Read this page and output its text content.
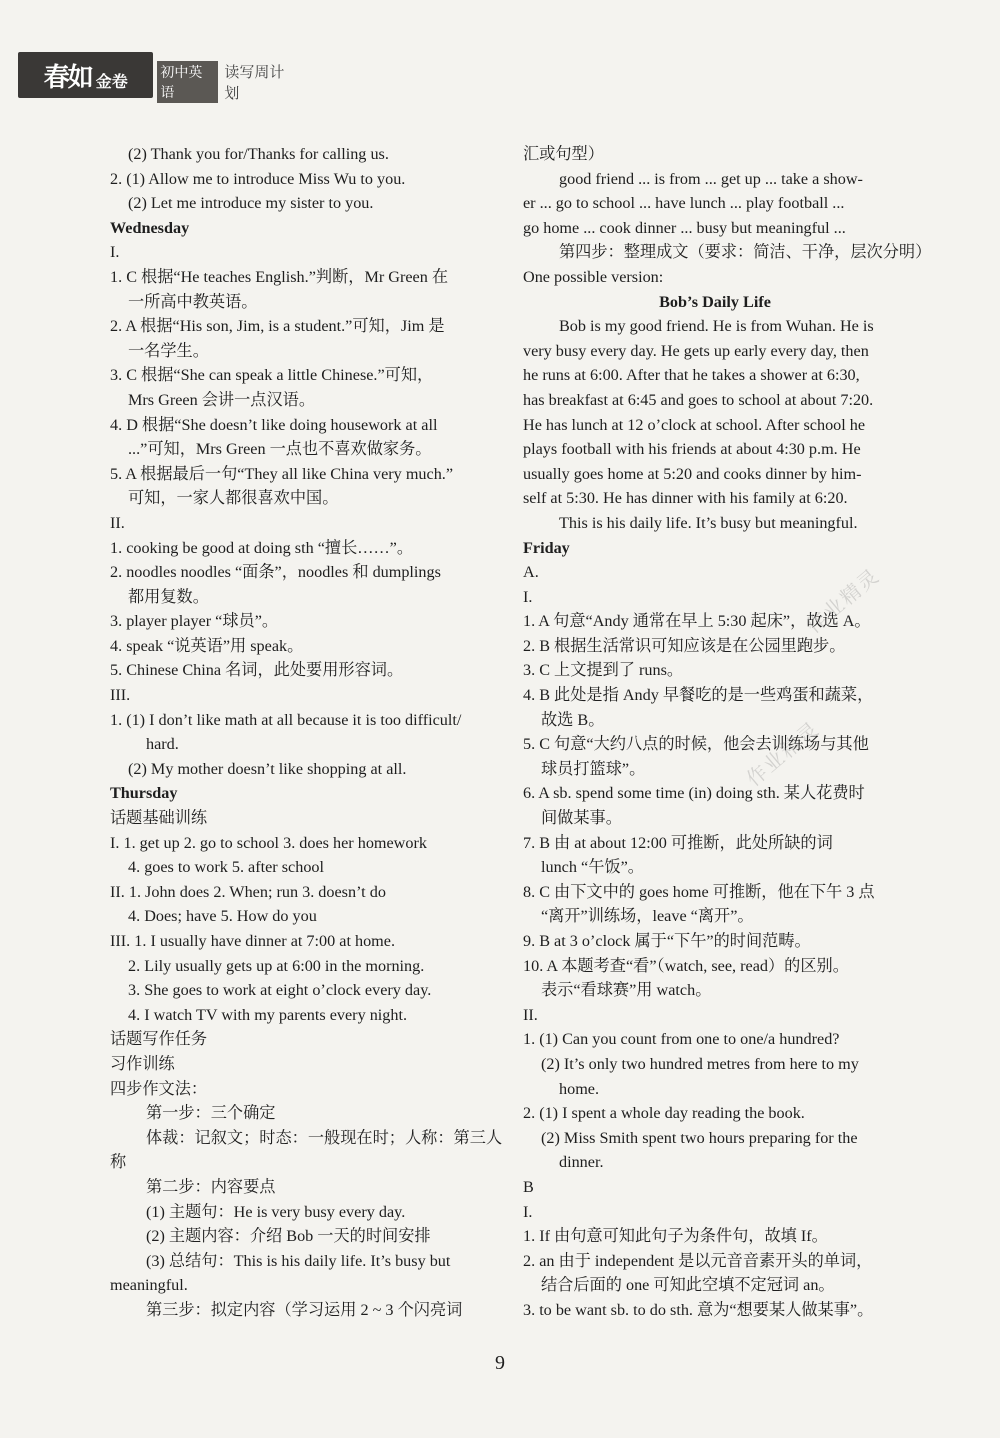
春如 金卷 初中英语
读写周计划
(2) Thank you for/Thanks for calling us.
2. (1) Allow me to introduce Miss Wu to you.
(2) Let me introduce my sister to you.
Wednesday
I.
1. C 根据“He teaches English.”判断，Mr Green 在
一所高中教英语。
2. A 根据“His son, Jim, is a student.”可知，Jim 是
一名学生。
3. C 根据“She can speak a little Chinese.”可知，
Mrs Green 会讲一点汉语。
4. D 根据“She doesn’t like doing housework at all
...”可知，Mrs Green 一点也不喜欢做家务。
5. A 根据最后一句“They all like China very much.”
可知，一家人都很喜欢中国。
II.
1. cooking be good at doing sth “擅长……”。
2. noodles noodles “面条”，noodles 和 dumplings
都用复数。
3. player player “球员”。
4. speak “说英语”用 speak。
5. Chinese China 名词，此处要用形容词。
III.
1. (1) I don’t like math at all because it is too difficult/
hard.
(2) My mother doesn’t like shopping at all.
Thursday
话题基础训练
I. 1. get up 2. go to school 3. does her homework
4. goes to work 5. after school
II. 1. John does 2. When; run 3. doesn’t do
4. Does; have 5. How do you
III. 1. I usually have dinner at 7:00 at home.
2. Lily usually gets up at 6:00 in the morning.
3. She goes to work at eight o’clock every day.
4. I watch TV with my parents every night.
话题写作任务
习作训练
四步作文法：
第一步：三个确定
体裁：记叙文；时态：一般现在时；人称：第三人
称
第二步：内容要点
(1) 主题句：He is very busy every day.
(2) 主题内容：介绍 Bob 一天的时间安排
(3) 总结句：This is his daily life. It’s busy but
meaningful.
第三步：拟定内容（学习运用 2 ~ 3 个闪亮词
汇或句型）
good friend ... is from ... get up ... take a show-
er ... go to school ... have lunch ... play football ...
go home ... cook dinner ... busy but meaningful ...
第四步：整理成文（要求：简洁、干净，层次分明）
One possible version:
Bob’s Daily Life
Bob is my good friend. He is from Wuhan. He is
very busy every day. He gets up early every day, then
he runs at 6:00. After that he takes a shower at 6:30,
has breakfast at 6:45 and goes to school at about 7:20.
He has lunch at 12 o’clock at school. After school he
plays football with his friends at about 4:30 p.m. He
usually goes home at 5:20 and cooks dinner by him-
self at 5:30. He has dinner with his family at 6:20.
This is his daily life. It’s busy but meaningful.
Friday
A.
I.
1. A 句意“Andy 通常在早上 5:30 起床”，故选 A。
2. B 根据生活常识可知应该是在公园里跑步。
3. C 上文提到了 runs。
4. B 此处是指 Andy 早餐吃的是一些鸡蛋和蔬菜，
故选 B。
5. C 句意“大约八点的时候，他会去训练场与其他
球员打篮球”。
6. A sb. spend some time (in) doing sth. 某人花费时
间做某事。
7. B 由 at about 12:00 可推断，此处所缺的词
lunch “午饭”。
8. C 由下文中的 goes home 可推断，他在下午 3 点
“离开”训练场，leave “离开”。
9. B at 3 o’clock 属于“下午”的时间范畴。
10. A 本题考查“看”（watch, see, read）的区别。
表示“看球赛”用 watch。
II.
1. (1) Can you count from one to one/a hundred?
(2) It’s only two hundred metres from here to my
home.
2. (1) I spent a whole day reading the book.
(2) Miss Smith spent two hours preparing for the
dinner.
B
I.
1. If 由句意可知此句子为条件句，故填 If。
2. an 由于 independent 是以元音音素开头的单词，
结合后面的 one 可知此空填不定冠词 an。
3. to be want sb. to do sth. 意为“想要某人做某事”。
作业精灵
作业精灵
9
